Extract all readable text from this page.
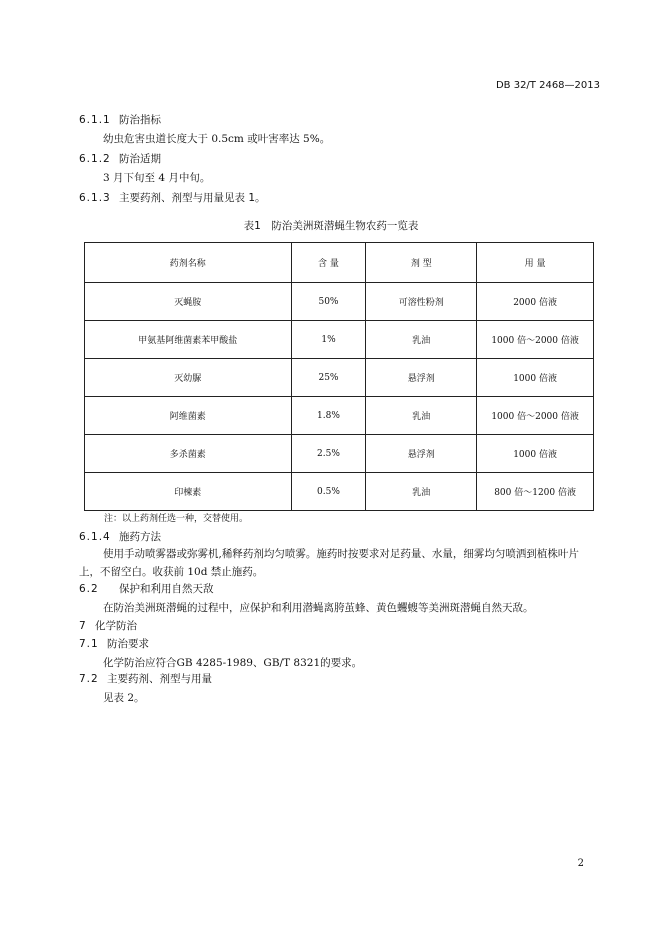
DB 32/T 2468—2013
6.1.1 防治指标
幼虫危害虫道长度大于 0.5cm 或叶害率达 5%。
6.1.2 防治适期
3 月下旬至 4 月中旬。
6.1.3 主要药剂、剂型与用量见表 1。
表1　防治美洲斑潜蝇生物农药一览表
药剂名称	含 量	剂 型	用 量
灭蝇胺	50%	可溶性粉剂	2000 倍液
甲氨基阿维菌素苯甲酸盐	1%	乳油	1000 倍～2000 倍液
灭幼脲	25%	悬浮剂	1000 倍液
阿维菌素	1.8%	乳油	1000 倍～2000 倍液
多杀菌素	2.5%	悬浮剂	1000 倍液
印楝素	0.5%	乳油	800 倍～1200 倍液
注：以上药剂任选一种，交替使用。
6.1.4 施药方法
使用手动喷雾器或弥雾机,稀释药剂均匀喷雾。施药时按要求对足药量、水量，细雾均匀喷洒到植株叶片上，不留空白。收获前 10d 禁止施药。
6.2 保护和利用自然天敌
在防治美洲斑潜蝇的过程中，应保护和利用潜蝇离胯茧蜂、黄色蠼螋等美洲斑潜蝇自然天敌。
7 化学防治
7.1 防治要求
化学防治应符合GB 4285-1989、GB/T 8321的要求。
7.2 主要药剂、剂型与用量
见表 2。
2
